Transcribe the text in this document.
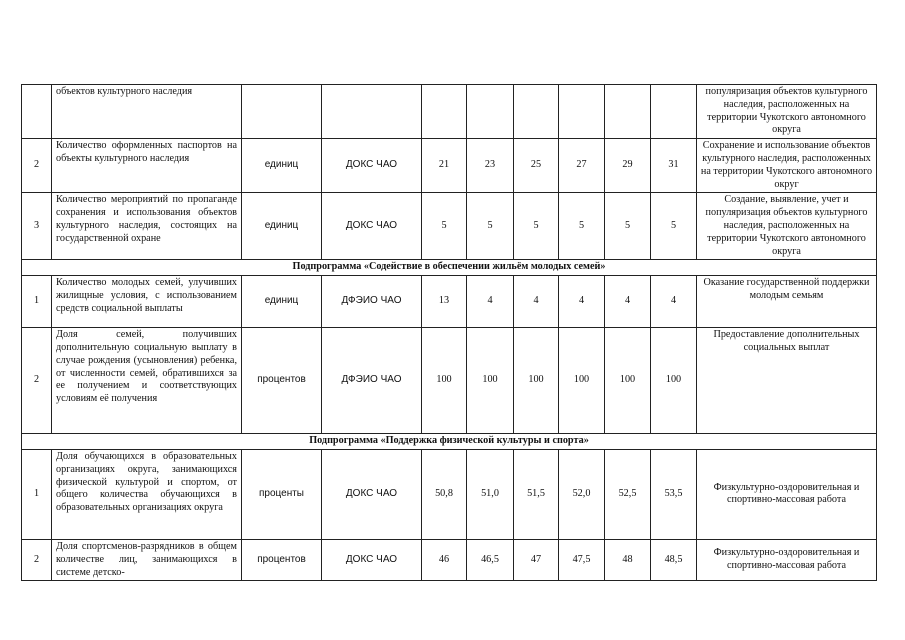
	объектов культурного наследия									популяризация объектов культурного наследия, расположенных на территории Чукотского автономного округа
2	Количество оформленных паспортов на объекты культурного наследия	единиц	ДОКС ЧАО	21	23	25	27	29	31	Сохранение и использование объектов культурного наследия, расположенных на территории Чукотского автономного округ
3	Количество мероприятий по пропаганде сохранения и использования объектов культурного наследия, состоящих на государственной охране	единиц	ДОКС ЧАО	5	5	5	5	5	5	Создание, выявление, учет и популяризация объектов культурного наследия, расположенных на территории Чукотского автономного округа
Подпрограмма «Содействие в обеспечении жильём молодых семей»										
1	Количество молодых семей, улучивших жилищные условия, с использованием средств социальной выплаты	единиц	ДФЭИО ЧАО	13	4	4	4	4	4	Оказание государственной поддержки молодым семьям
2	Доля семей, получивших дополнительную социальную выплату в случае рождения (усыновления) ребенка, от численности семей, обратившихся за ее получением и соответствующих условиям её получения	процентов	ДФЭИО ЧАО	100	100	100	100	100	100	Предоставление дополнительных социальных выплат
Подпрограмма «Поддержка физической культуры и спорта»										
1	Доля обучающихся в образовательных организациях округа, занимающихся физической культурой и спортом, от общего количества обучающихся в образовательных организациях округа	проценты	ДОКС ЧАО	50,8	51,0	51,5	52,0	52,5	53,5	Физкультурно-оздоровительная и спортивно-массовая работа
2	Доля спортсменов-разрядников в общем количестве лиц, занимающихся в системе детско-	процентов	ДОКС ЧАО	46	46,5	47	47,5	48	48,5	Физкультурно-оздоровительная и спортивно-массовая работа
